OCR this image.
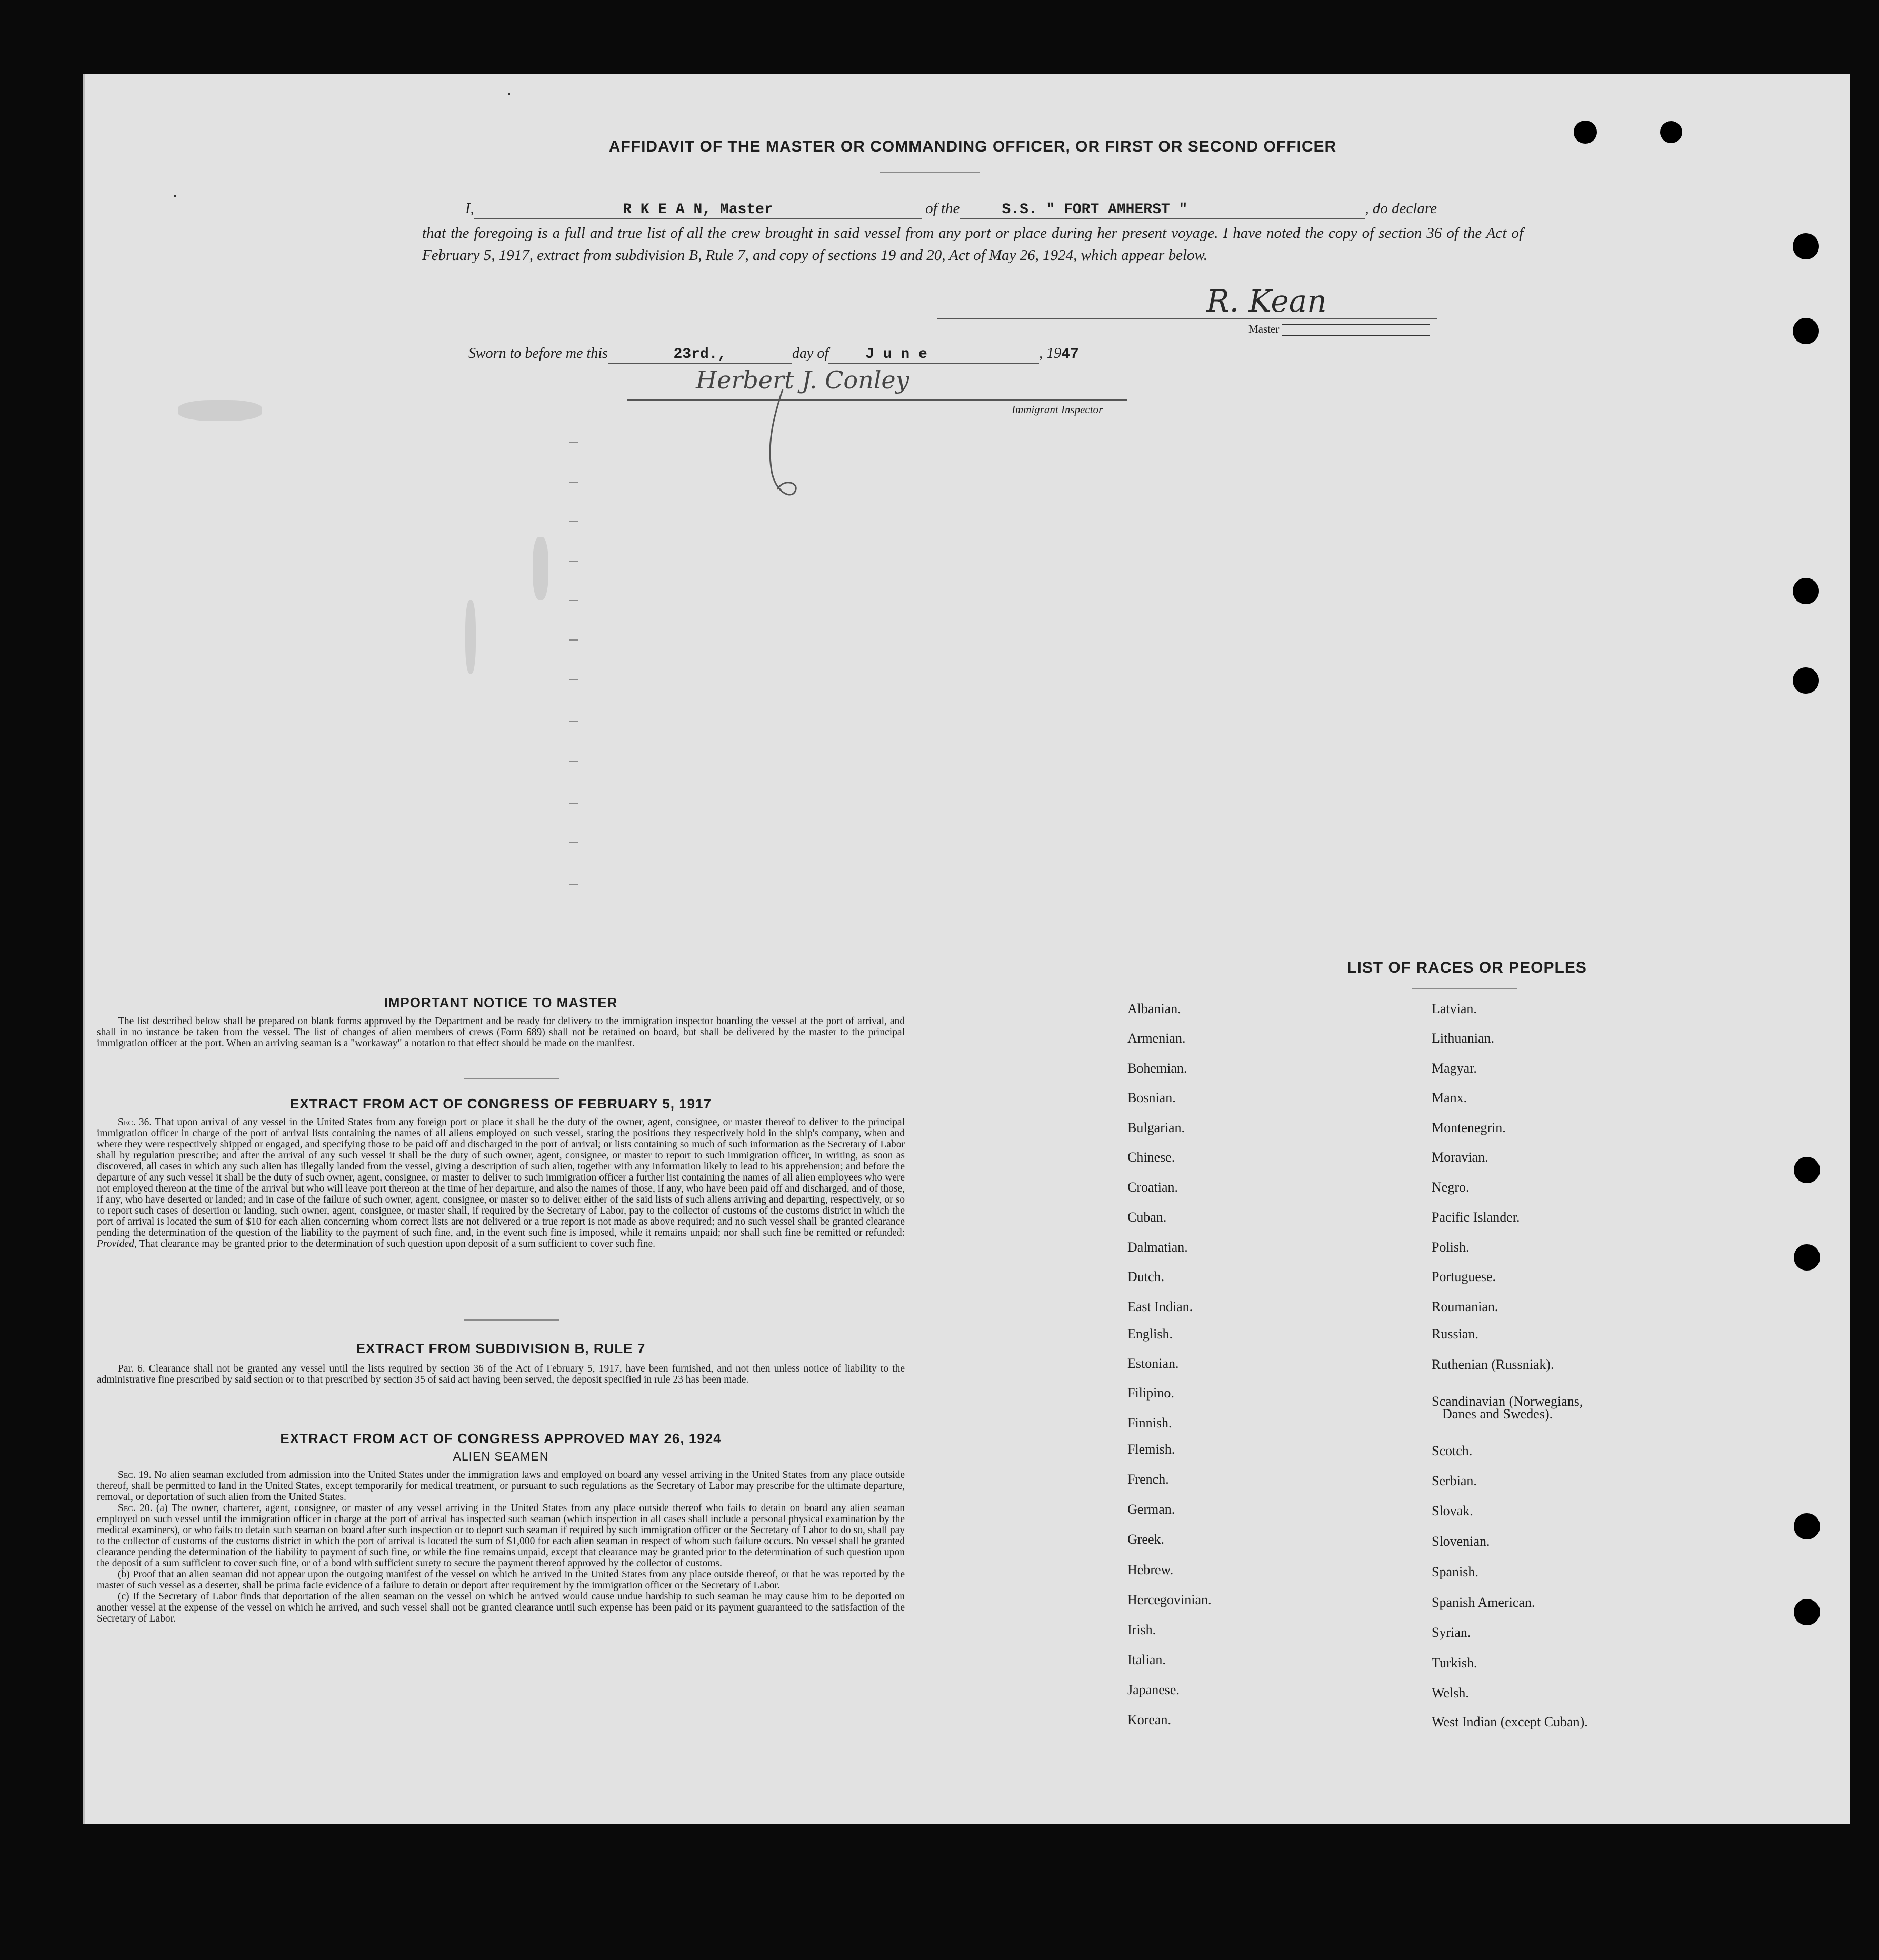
AFFIDAVIT OF THE MASTER OR COMMANDING OFFICER, OR FIRST OR SECOND OFFICER
I,	R K E A N, Master	of the	S.S. " FORT AMHERST "	, do declare
that the foregoing is a full and true list of all the crew brought in said vessel from any port or place during her present voyage. I have noted the copy of section 36 of the Act of February 5, 1917, extract from subdivision B, Rule 7, and copy of sections 19 and 20, Act of May 26, 1924, which appear below.
R. Kean
Master
Sworn to before me this	23rd.,	day of	J u n e	, 1947
Herbert J. Conley
Immigrant Inspector
IMPORTANT NOTICE TO MASTER

The list described below shall be prepared on blank forms approved by the Department and be ready for delivery to the immigration inspector boarding the vessel at the port of arrival, and shall in no instance be taken from the vessel. The list of changes of alien members of crews (Form 689) shall not be retained on board, but shall be delivered by the master to the principal immigration officer at the port. When an arriving seaman is a "workaway" a notation to that effect should be made on the manifest.

EXTRACT FROM ACT OF CONGRESS OF FEBRUARY 5, 1917

Sec. 36. That upon arrival of any vessel in the United States from any foreign port or place it shall be the duty of the owner, agent, consignee, or master thereof to deliver to the principal immigration officer in charge of the port of arrival lists containing the names of all aliens employed on such vessel, stating the positions they respectively hold in the ship's company, when and where they were respectively shipped or engaged, and specifying those to be paid off and discharged in the port of arrival; or lists containing so much of such information as the Secretary of Labor shall by regulation prescribe; and after the arrival of any such vessel it shall be the duty of such owner, agent, consignee, or master to report to such immigration officer, in writing, as soon as discovered, all cases in which any such alien has illegally landed from the vessel, giving a description of such alien, together with any information likely to lead to his apprehension; and before the departure of any such vessel it shall be the duty of such owner, agent, consignee, or master to deliver to such immigration officer a further list containing the names of all alien employees who were not employed thereon at the time of the arrival but who will leave port thereon at the time of her departure, and also the names of those, if any, who have been paid off and discharged, and of those, if any, who have deserted or landed; and in case of the failure of such owner, agent, consignee, or master so to deliver either of the said lists of such aliens arriving and departing, respectively, or so to report such cases of desertion or landing, such owner, agent, consignee, or master shall, if required by the Secretary of Labor, pay to the collector of customs of the customs district in which the port of arrival is located the sum of $10 for each alien concerning whom correct lists are not delivered or a true report is not made as above required; and no such vessel shall be granted clearance pending the determination of the question of the liability to the payment of such fine, and, in the event such fine is imposed, while it remains unpaid; nor shall such fine be remitted or refunded: Provided, That clearance may be granted prior to the determination of such question upon deposit of a sum sufficient to cover such fine.

EXTRACT FROM SUBDIVISION B, RULE 7

Par. 6. Clearance shall not be granted any vessel until the lists required by section 36 of the Act of February 5, 1917, have been furnished, and not then unless notice of liability to the administrative fine prescribed by said section or to that prescribed by section 35 of said act having been served, the deposit specified in rule 23 has been made.

EXTRACT FROM ACT OF CONGRESS APPROVED MAY 26, 1924
ALIEN SEAMEN

Sec. 19. No alien seaman excluded from admission into the United States under the immigration laws and employed on board any vessel arriving in the United States from any place outside thereof, shall be permitted to land in the United States, except temporarily for medical treatment, or pursuant to such regulations as the Secretary of Labor may prescribe for the ultimate departure, removal, or deportation of such alien from the United States.

Sec. 20. (a) The owner, charterer, agent, consignee, or master of any vessel arriving in the United States from any place outside thereof who fails to detain on board any alien seaman employed on such vessel until the immigration officer in charge at the port of arrival has inspected such seaman (which inspection in all cases shall include a personal physical examination by the medical examiners), or who fails to detain such seaman on board after such inspection or to deport such seaman if required by such immigration officer or the Secretary of Labor to do so, shall pay to the collector of customs of the customs district in which the port of arrival is located the sum of $1,000 for each alien seaman in respect of whom such failure occurs. No vessel shall be granted clearance pending the determination of the liability to payment of such fine, or while the fine remains unpaid, except that clearance may be granted prior to the determination of such question upon the deposit of a sum sufficient to cover such fine, or of a bond with sufficient surety to secure the payment thereof approved by the collector of customs.

(b) Proof that an alien seaman did not appear upon the outgoing manifest of the vessel on which he arrived in the United States from any place outside thereof, or that he was reported by the master of such vessel as a deserter, shall be prima facie evidence of a failure to detain or deport after requirement by the immigration officer or the Secretary of Labor.

(c) If the Secretary of Labor finds that deportation of the alien seaman on the vessel on which he arrived would cause undue hardship to such seaman he may cause him to be deported on another vessel at the expense of the vessel on which he arrived, and such vessel shall not be granted clearance until such expense has been paid or its payment guaranteed to the satisfaction of the Secretary of Labor.

LIST OF RACES OR PEOPLES
Albanian.
Armenian.
Bohemian.
Bosnian.
Bulgarian.
Chinese.
Croatian.
Cuban.
Dalmatian.
Dutch.
East Indian.
English.
Estonian.
Filipino.
Finnish.
Flemish.
French.
German.
Greek.
Hebrew.
Hercegovinian.
Irish.
Italian.
Japanese.
Korean.
Latvian.
Lithuanian.
Magyar.
Manx.
Montenegrin.
Moravian.
Negro.
Pacific Islander.
Polish.
Portuguese.
Roumanian.
Russian.
Ruthenian (Russniak).
Scandinavian (Norwegians,
Danes and Swedes).
Scotch.
Serbian.
Slovak.
Slovenian.
Spanish.
Spanish American.
Syrian.
Turkish.
Welsh.
West Indian (except Cuban).
